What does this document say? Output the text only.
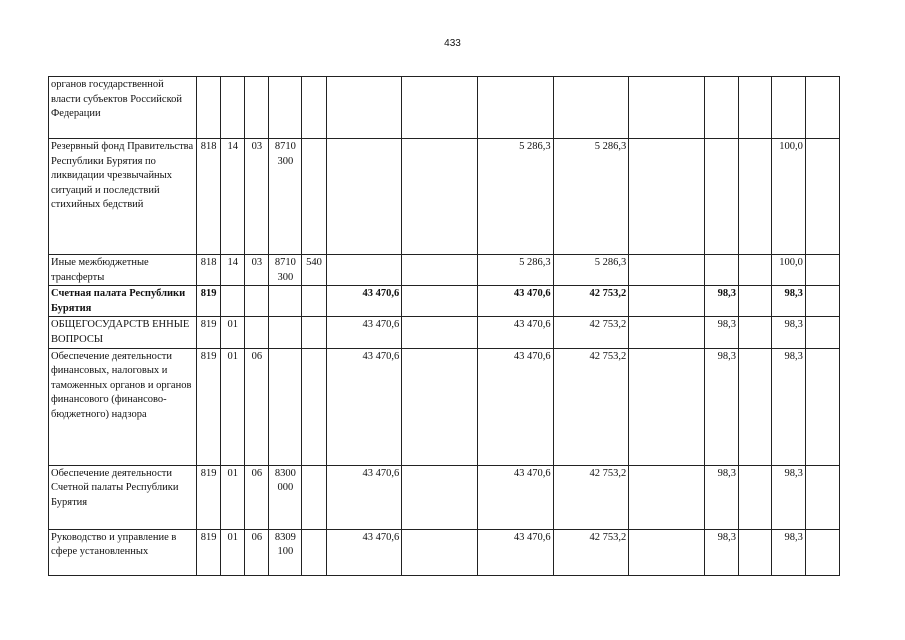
433
органов государственной власти субъектов Российской Федерации														
Резервный фонд Правительства Республики Бурятия по ликвидации чрезвычайных ситуаций и последствий стихийных бедствий	818	14	03	8710 300				5 286,3	5 286,3				100,0	
Иные межбюджетные трансферты	818	14	03	8710 300	540			5 286,3	5 286,3				100,0	
Счетная палата Республики Бурятия	819					43 470,6		43 470,6	42 753,2		98,3		98,3	
ОБЩЕГОСУДАРСТВ ЕННЫЕ ВОПРОСЫ	819	01				43 470,6		43 470,6	42 753,2		98,3		98,3	
Обеспечение деятельности финансовых, налоговых и таможенных органов и органов финансового (финансово-бюджетного) надзора	819	01	06			43 470,6		43 470,6	42 753,2		98,3		98,3	
Обеспечение деятельности Счетной палаты Республики Бурятия	819	01	06	8300 000		43 470,6		43 470,6	42 753,2		98,3		98,3	
Руководство и управление в сфере установленных	819	01	06	8309 100		43 470,6		43 470,6	42 753,2		98,3		98,3	
